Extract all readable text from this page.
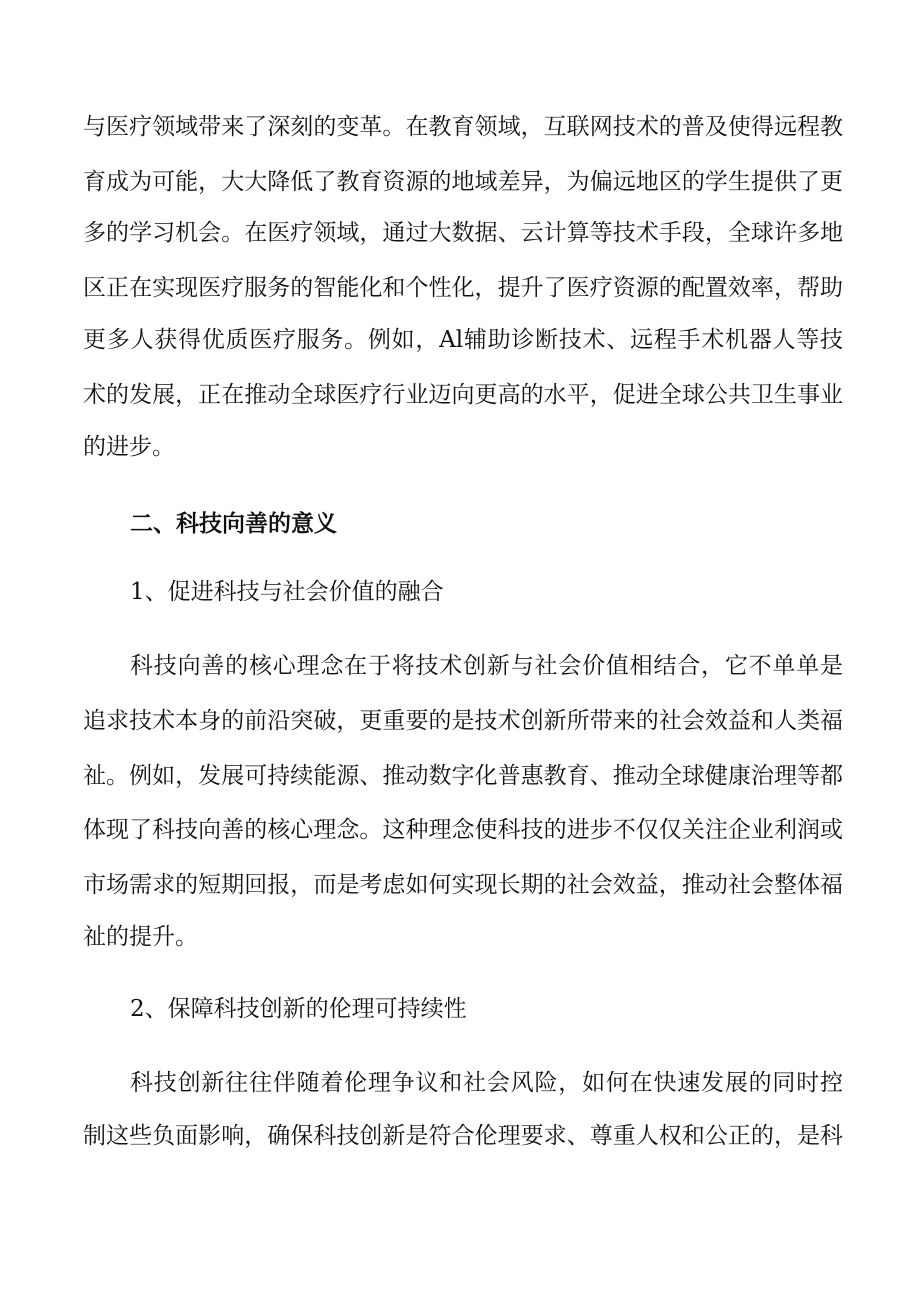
与医疗领域带来了深刻的变革。在教育领域，互联网技术的普及使得远程教
育成为可能，大大降低了教育资源的地域差异，为偏远地区的学生提供了更
多的学习机会。在医疗领域，通过大数据、云计算等技术手段，全球许多地
区正在实现医疗服务的智能化和个性化，提升了医疗资源的配置效率，帮助
更多人获得优质医疗服务。例如，Al辅助诊断技术、远程手术机器人等技
术的发展，正在推动全球医疗行业迈向更高的水平，促进全球公共卫生事业
的进步。
二、科技向善的意义
1、促进科技与社会价值的融合
科技向善的核心理念在于将技术创新与社会价值相结合，它不单单是
追求技术本身的前沿突破，更重要的是技术创新所带来的社会效益和人类福
祉。例如，发展可持续能源、推动数字化普惠教育、推动全球健康治理等都
体现了科技向善的核心理念。这种理念使科技的进步不仅仅关注企业利润或
市场需求的短期回报，而是考虑如何实现长期的社会效益，推动社会整体福
祉的提升。
2、保障科技创新的伦理可持续性
科技创新往往伴随着伦理争议和社会风险，如何在快速发展的同时控
制这些负面影响，确保科技创新是符合伦理要求、尊重人权和公正的，是科
